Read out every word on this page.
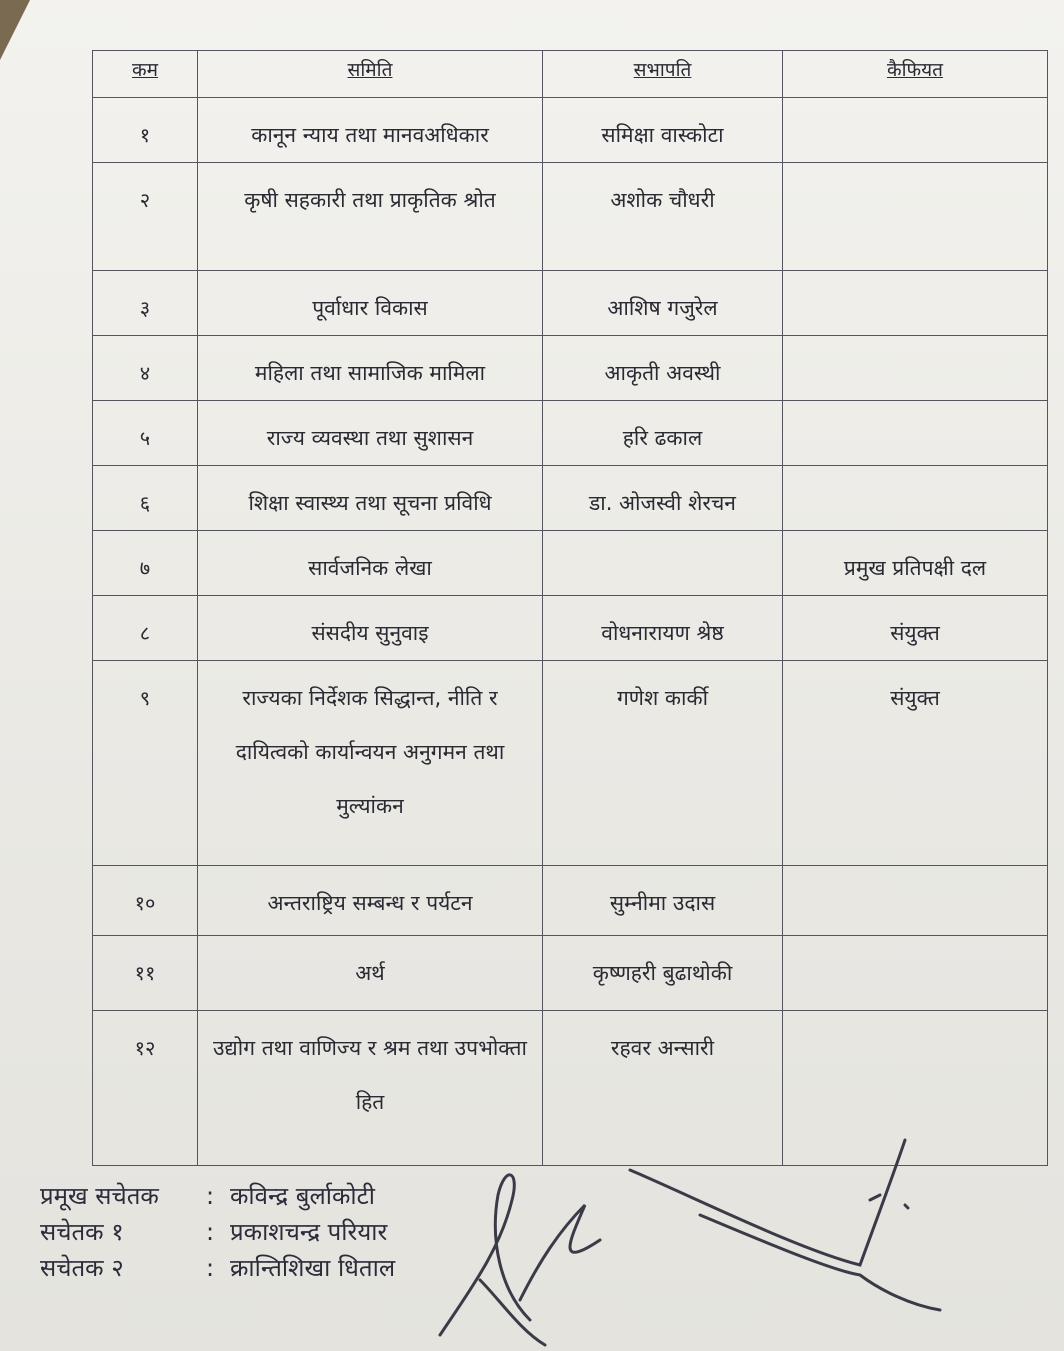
कम	समिति	सभापति	कैफियत
१	कानून न्याय तथा मानवअधिकार	समिक्षा वास्कोटा	
२	कृषी सहकारी तथा प्राकृतिक श्रोत	अशोक चौधरी	
३	पूर्वाधार विकास	आशिष गजुरेल	
४	महिला तथा सामाजिक मामिला	आकृती अवस्थी	
५	राज्य व्यवस्था तथा सुशासन	हरि ढकाल	
६	शिक्षा स्वास्थ्य तथा सूचना प्रविधि	डा. ओजस्वी शेरचन	
७	सार्वजनिक लेखा		प्रमुख प्रतिपक्षी दल
८	संसदीय सुनुवाइ	वोधनारायण श्रेष्ठ	संयुक्त
९	राज्यका निर्देशक सिद्धान्त, नीति र दायित्वको कार्यान्वयन अनुगमन तथा मुल्यांकन	गणेश कार्की	संयुक्त
१०	अन्तराष्ट्रिय सम्बन्ध र पर्यटन	सुम्नीमा उदास	
११	अर्थ	कृष्णहरी बुढाथोकी	
१२	उद्योग तथा वाणिज्य र श्रम तथा उपभोक्ता हित	रहवर अन्सारी	
प्रमूख सचेतक	: कविन्द्र बुर्लाकोटी
सचेतक १	: प्रकाशचन्द्र परियार
सचेतक २	: क्रान्तिशिखा धिताल
